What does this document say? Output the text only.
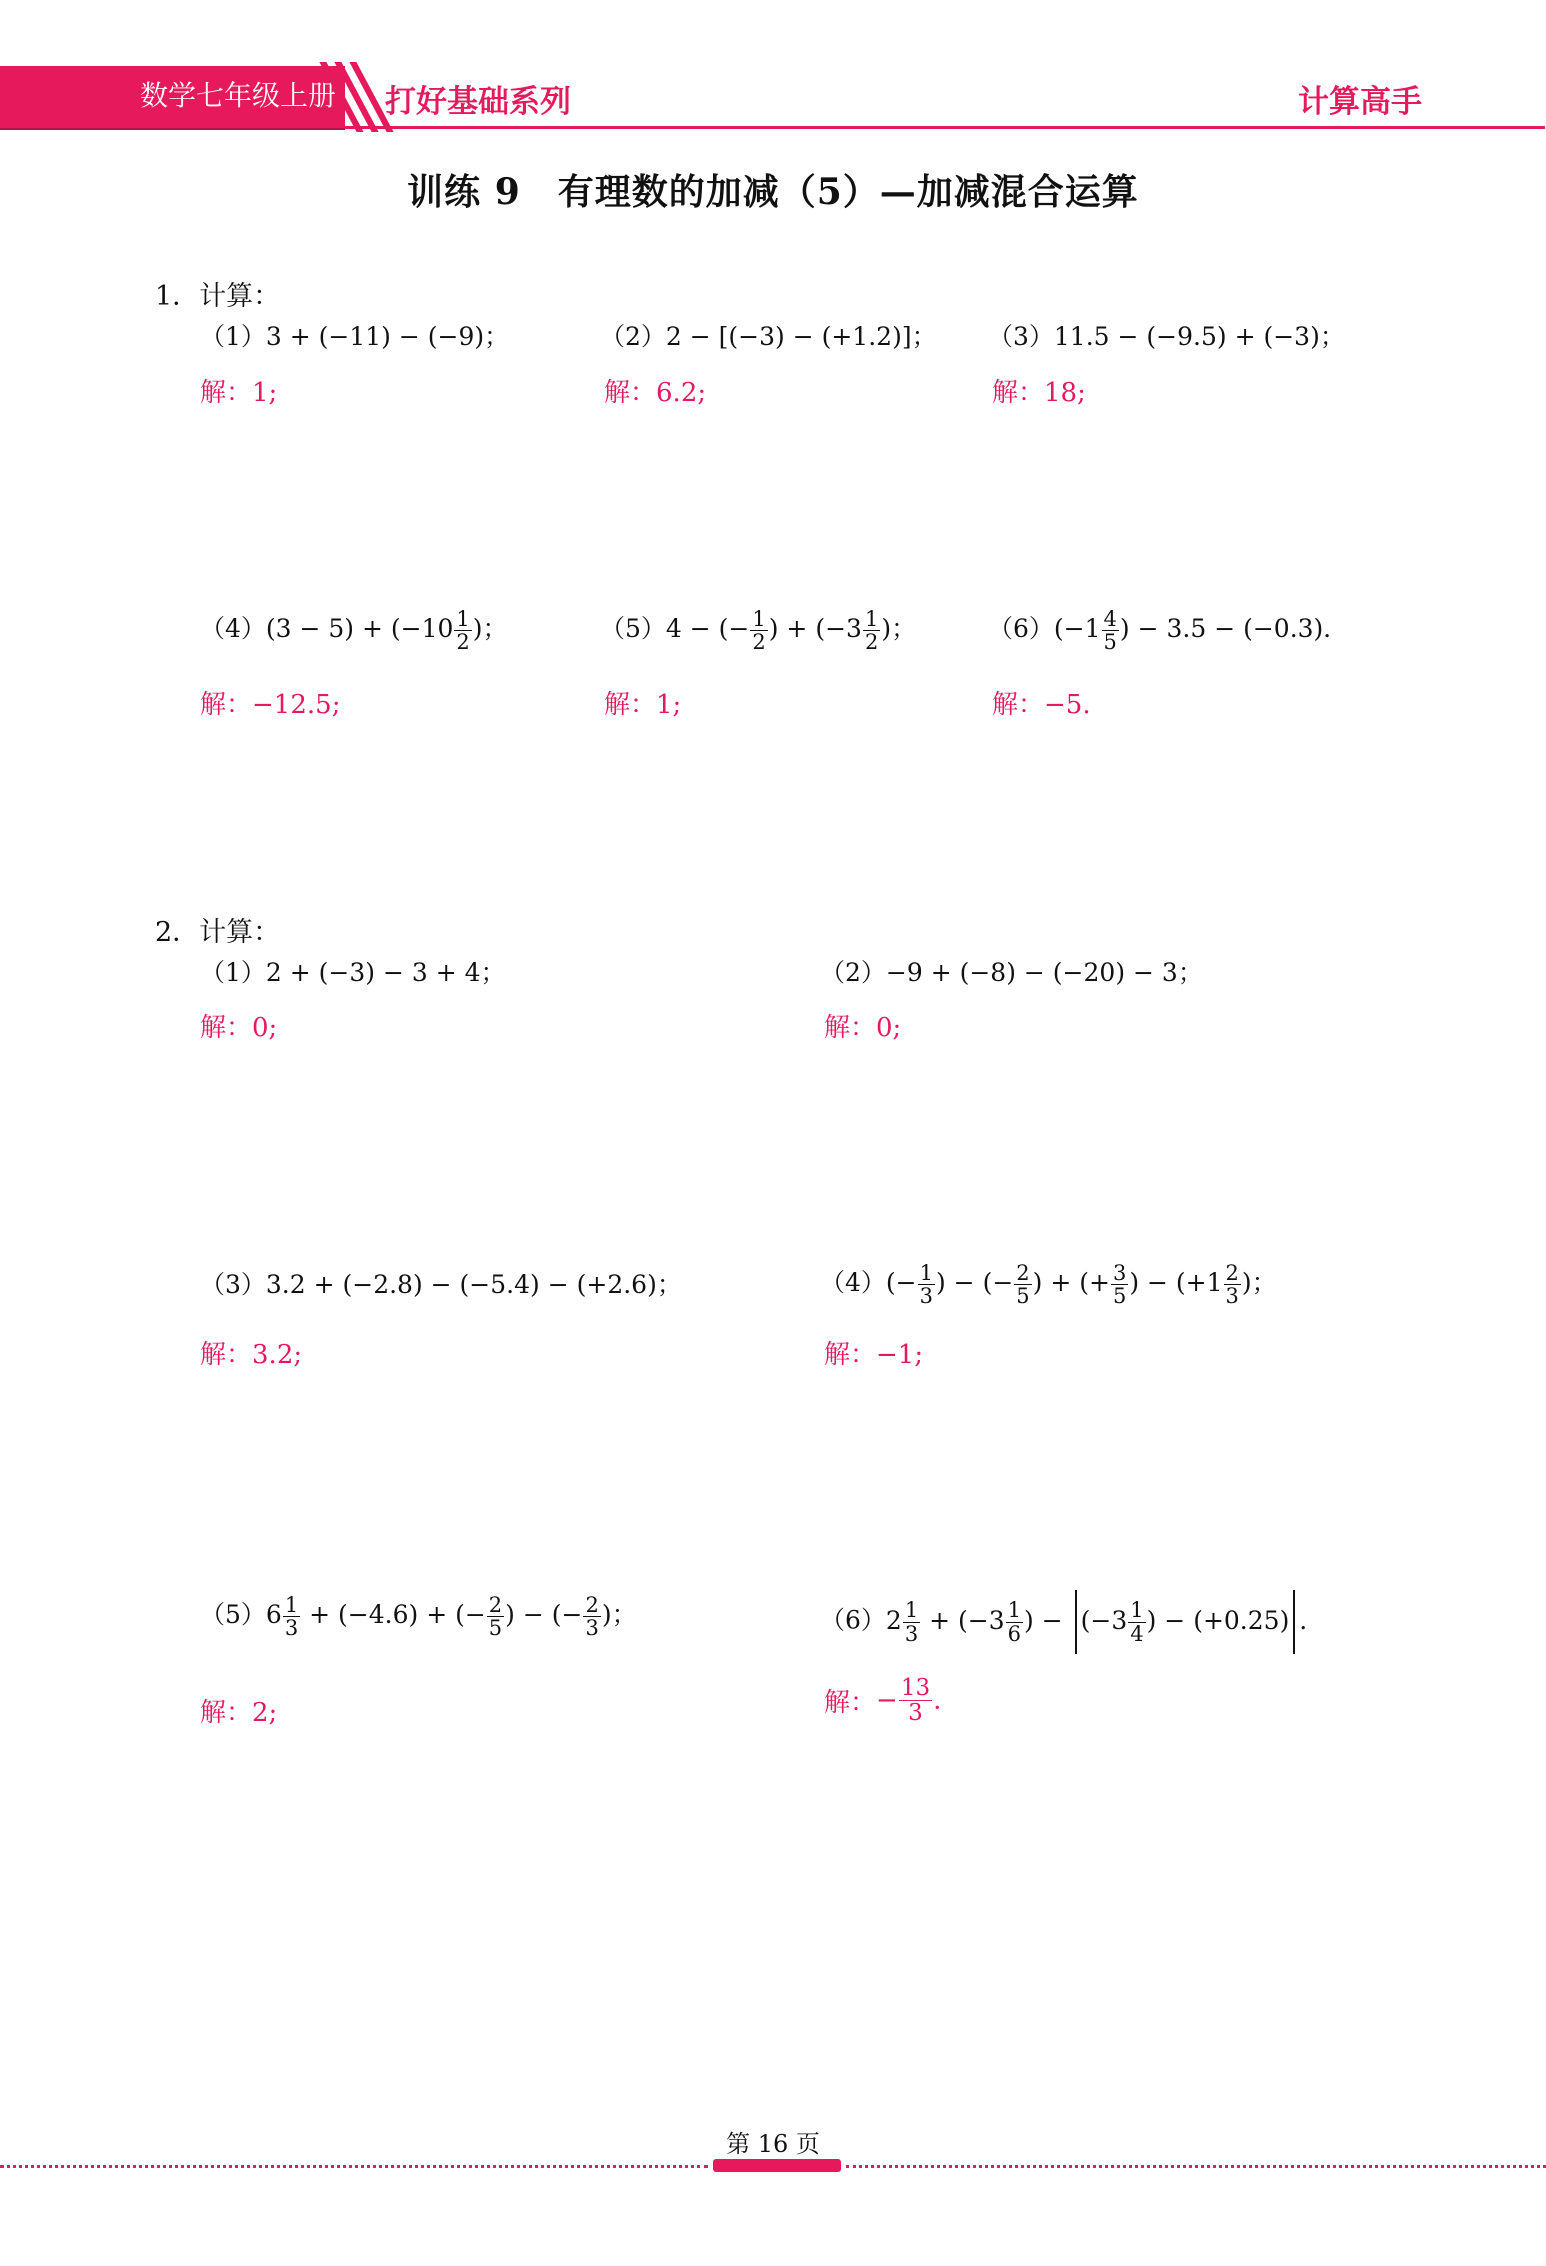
数学七年级上册 打好基础系列	计算高手
训练 9　有理数的加减（5）—加减混合运算
1．计算：
（1）3 + (−11) − (−9)；
解：1;
（2）2 − [(−3) − (+1.2)]；
解：6.2;
（3）11.5 − (−9.5) + (−3)；
解：18;
$(4)(3 - 5) + (-10 \frac{1}{2}$ )；
解：−12.5;
（5）4 − (− $\frac{1}{2}$ ) + ($-3 \frac{1}{2}$ )；
解：1;
$(6)(-1 \frac{4}{5}$ ) − 3.5 − (−0.3)．
解：−5.
2．计算：
（1）2 + (−3) − 3 + 4；
解：0;
（2）−9 + (−8) − (−20) − 3；
解：0;
（3）3.2 + (−2.8) − (−5.4) − (+2.6)；
解：3.2;
$(4)(- \frac{1}{3}$ ) − (− $\frac{2}{5}$ ) + (+ $\frac{3}{5}$ ) − ($+1 \frac{2}{3}$ )；
解：−1;
$(5)6 \frac{1}{3} + (-4.6)$ + (− $\frac{2}{5}$ ) − (− $\frac{2}{3}$ )；
解：2;
$(6)2 \frac{1}{3} + (-3 \frac{1}{6}$ ) − ($-3 \frac{1}{4}$ ) − (+0.25) ．
解：− $\frac{13}{3}$ .
第 16 页
